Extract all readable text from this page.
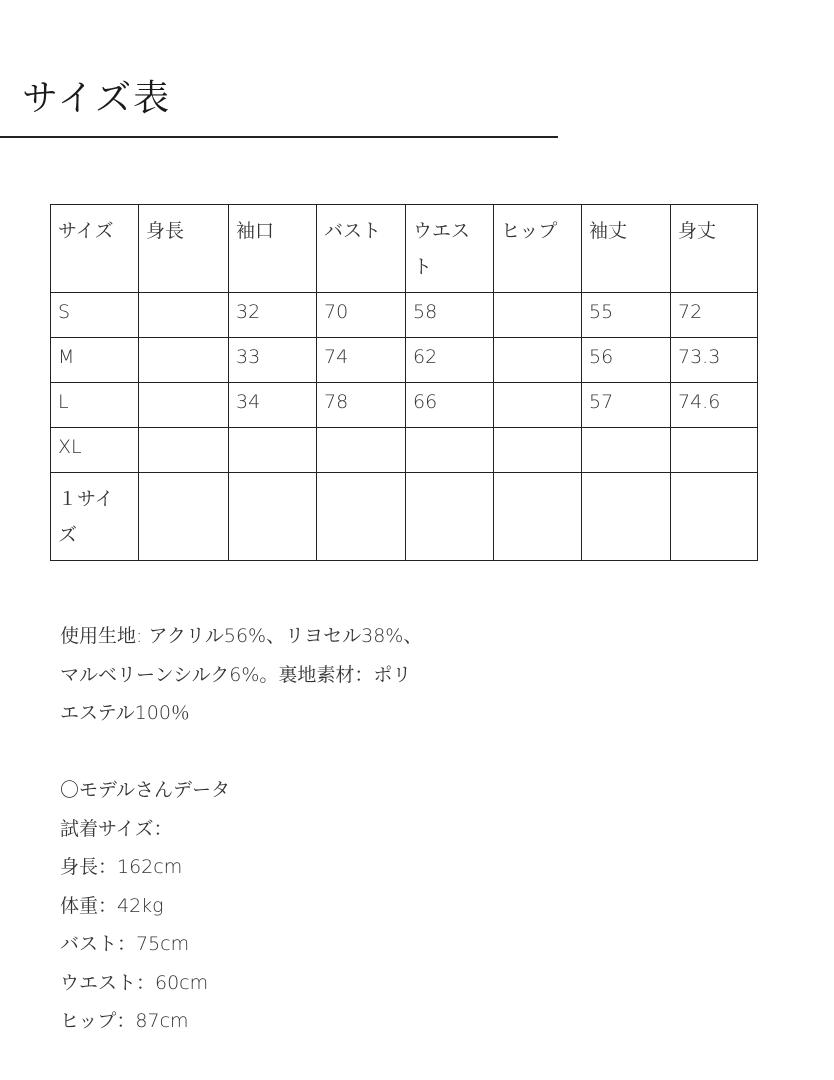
サイズ表
サイズ	身長	袖口	バスト	ウエスト	ヒップ	袖丈	身丈
S		32	70	58		55	72
M		33	74	62		56	73.3
L		34	78	66		57	74.6
XL							
１サイズ							
使用生地: アクリル56%、リヨセル38%、
マルベリーンシルク6%。裏地素材：ポリ
エステル100％
〇モデルさんデータ
試着サイズ：
身長：162cm
体重：42kg
バスト：75cm
ウエスト：60cm
ヒップ：87cm
